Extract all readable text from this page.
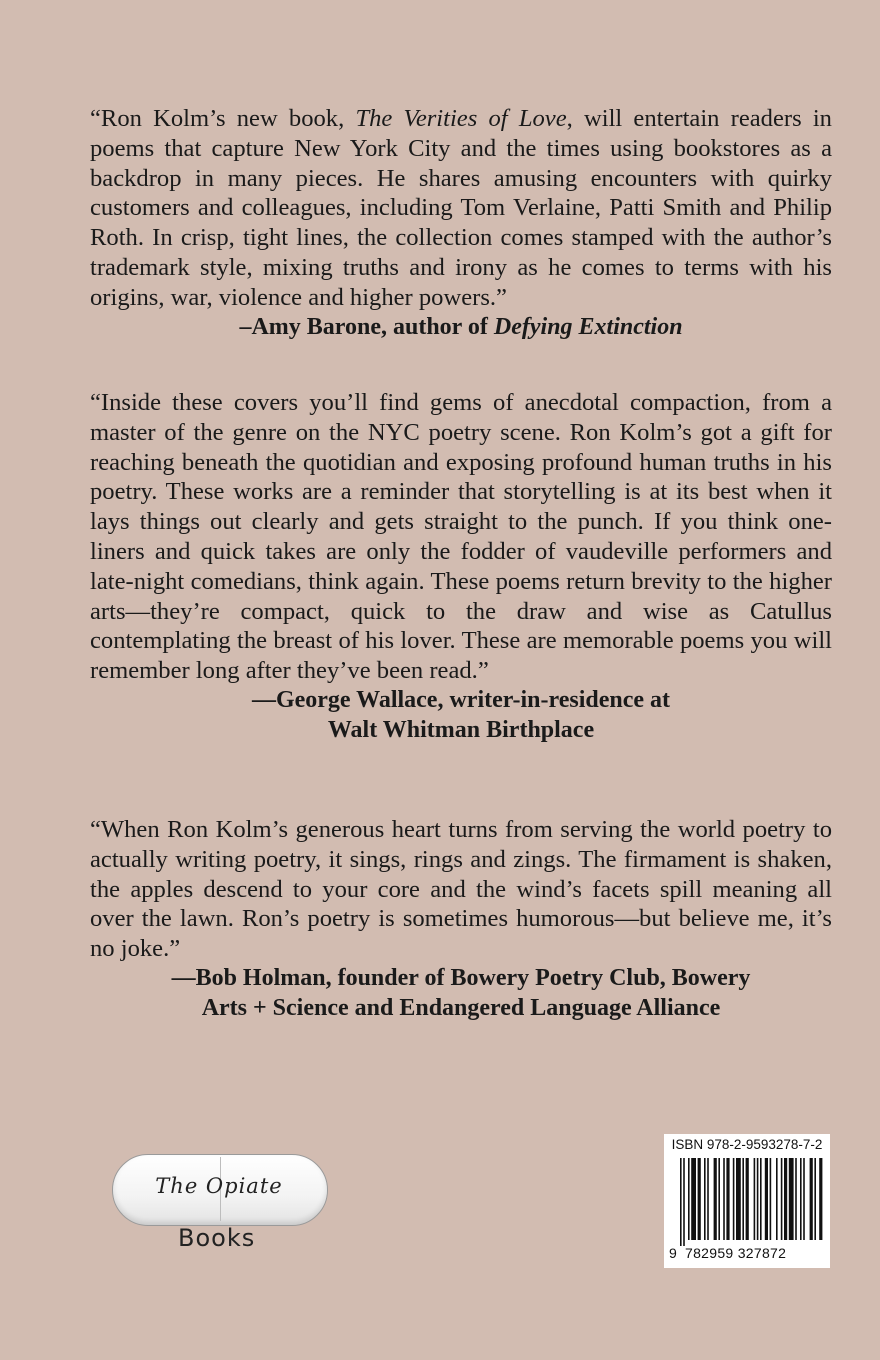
“Ron Kolm’s new book, The Verities of Love, will entertain readers in poems that capture New York City and the times using bookstores as a backdrop in many pieces. He shares amusing encounters with quirky customers and colleagues, including Tom Verlaine, Patti Smith and Philip Roth. In crisp, tight lines, the collection comes stamped with the author’s trademark style, mixing truths and irony as he comes to terms with his origins, war, violence and higher powers.”

–Amy Barone, author of Defying Extinction

“Inside these covers you’ll find gems of anecdotal compaction, from a master of the genre on the NYC poetry scene. Ron Kolm’s got a gift for reaching beneath the quotidian and exposing profound human truths in his poetry. These works are a reminder that storytelling is at its best when it lays things out clearly and gets straight to the punch. If you think one-liners and quick takes are only the fodder of vaudeville performers and late-night comedians, think again. These poems return brevity to the higher arts—they’re compact, quick to the draw and wise as Catullus contemplating the breast of his lover. These are memorable poems you will remember long after they’ve been read.”

—George Wallace, writer-in-residence at

Walt Whitman Birthplace

“When Ron Kolm’s generous heart turns from serving the world poetry to actually writing poetry, it sings, rings and zings. The firmament is shaken, the apples descend to your core and the wind’s facets spill meaning all over the lawn. Ron’s poetry is sometimes humorous—but believe me, it’s no joke.”

—Bob Holman, founder of Bowery Poetry Club, Bowery

Arts + Science and Endangered Language Alliance

The Opiate
Books
ISBN 978-2-9593278-7-2
9 782959 327872
